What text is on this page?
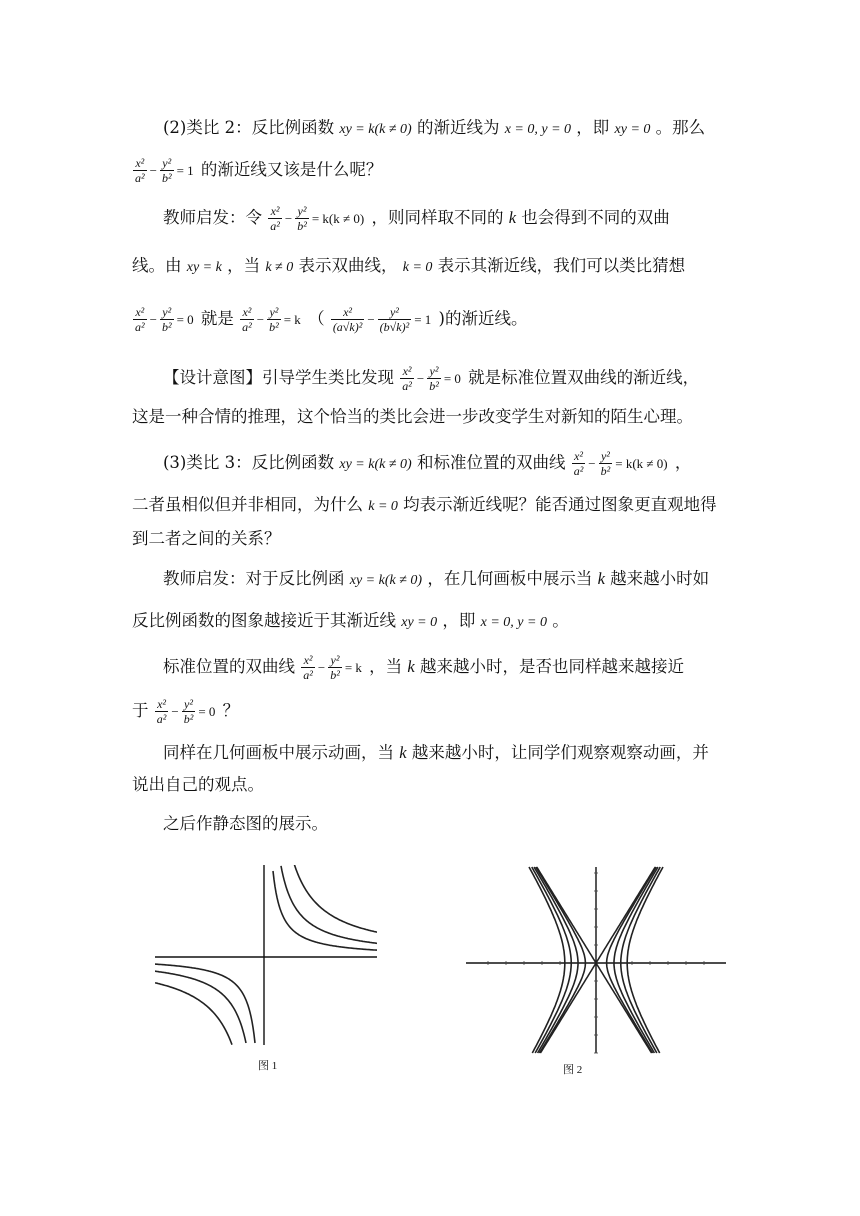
(2)类比 2：反比例函数 xy = k(k ≠ 0) 的渐近线为 x = 0, y = 0 ，即 xy = 0 。那么
$\frac{\text{x²}}{\text{a²}} - \frac{\text{y²}}{\text{b²}} = 1$ 的渐近线又该是什么呢？
教师启发：令 $\frac{\text{x²}}{\text{a²}} - \frac{\text{y²}}{\text{b²}} = k(k \ne 0)$ ，则同样取不同的 k 也会得到不同的双曲
线。由 xy = k ，当 k ≠ 0 表示双曲线， k = 0 表示其渐近线，我们可以类比猜想
$\frac{\text{x²}}{\text{a²}} - \frac{\text{y²}}{\text{b²}} = 0$ 就是 $\frac{\text{x²}}{\text{a²}} - \frac{\text{y²}}{\text{b²}} = k$ （ $\frac{\text{x²}}{\text{(a√k)²}} - \frac{\text{y²}}{\text{(b√k)²}} = 1$ )的渐近线。
【设计意图】引导学生类比发现 $\frac{\text{x²}}{\text{a²}} - \frac{\text{y²}}{\text{b²}} = 0$ 就是标准位置双曲线的渐近线，
这是一种合情的推理，这个恰当的类比会进一步改变学生对新知的陌生心理。
(3)类比 3：反比例函数 xy = k(k ≠ 0) 和标准位置的双曲线 $\frac{\text{x²}}{\text{a²}} - \frac{\text{y²}}{\text{b²}} = k(k \ne 0)$ ，
二者虽相似但并非相同，为什么 k = 0 均表示渐近线呢？能否通过图象更直观地得
到二者之间的关系？
教师启发：对于反比例函 xy = k(k ≠ 0) ，在几何画板中展示当 k 越来越小时如
反比例函数的图象越接近于其渐近线 xy = 0 ，即 x = 0, y = 0 。
标准位置的双曲线 $\frac{\text{x²}}{\text{a²}} - \frac{\text{y²}}{\text{b²}} = k$ ，当 k 越来越小时，是否也同样越来越接近
于 $\frac{\text{x²}}{\text{a²}} - \frac{\text{y²}}{\text{b²}} = 0$ ？
同样在几何画板中展示动画，当 k 越来越小时，让同学们观察观察动画，并
说出自己的观点。
之后作静态图的展示。
图 1	图 2
